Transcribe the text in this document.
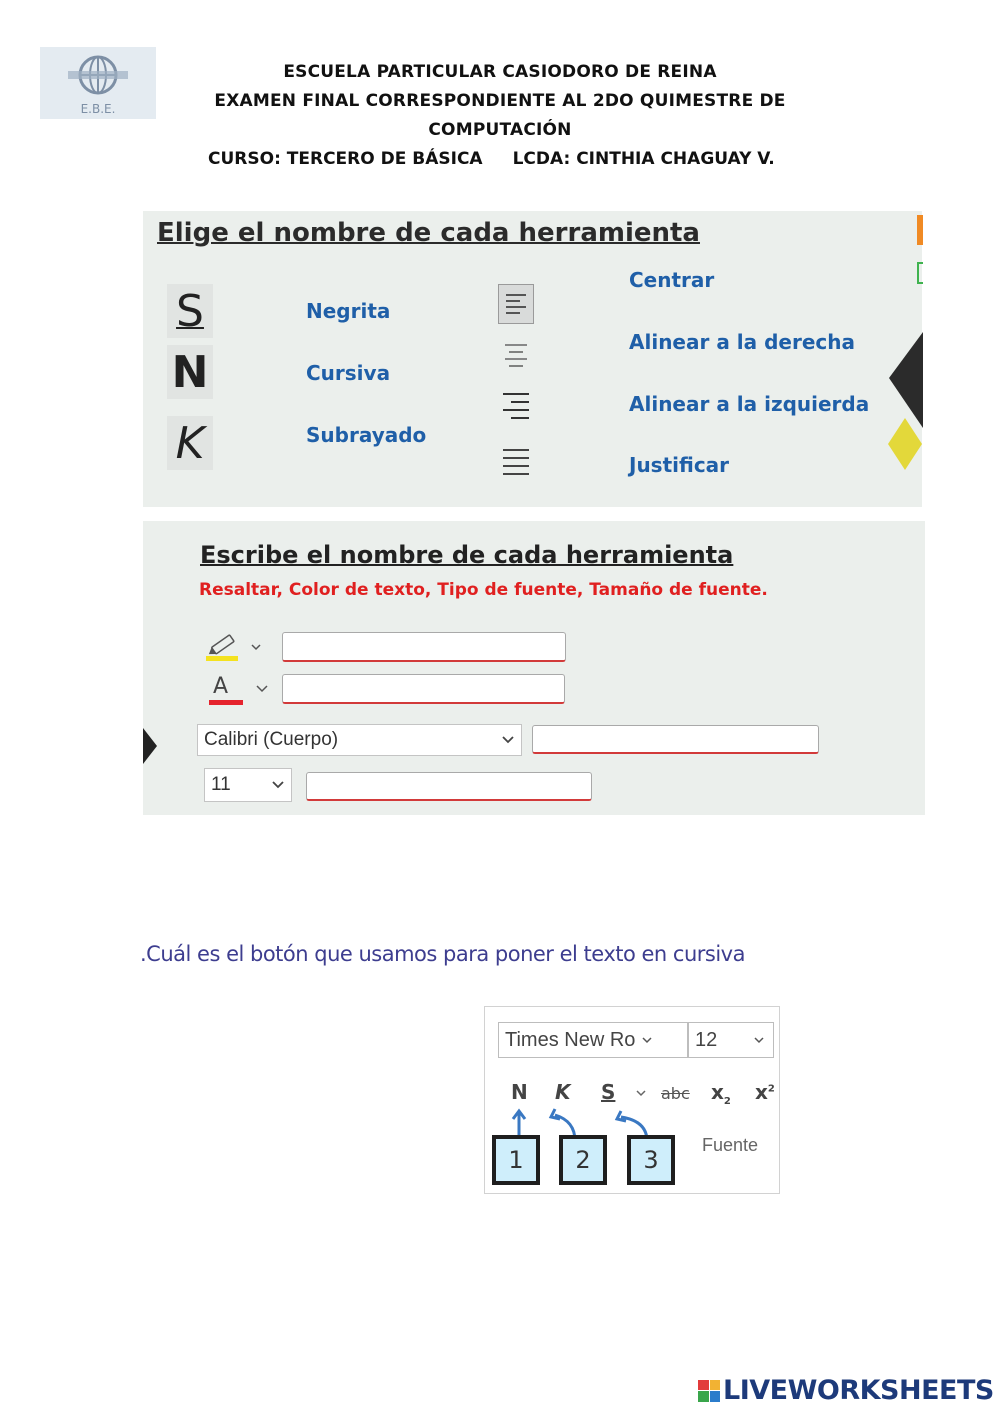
E.B.E.
ESCUELA PARTICULAR CASIODORO DE REINA
EXAMEN FINAL CORRESPONDIENTE AL 2DO QUIMESTRE DE
COMPUTACIÓN
CURSO: TERCERO DE BÁSICA LCDA: CINTHIA CHAGUAY V.
Elige el nombre de cada herramienta
S
N
K
Negrita
Cursiva
Subrayado
Centrar
Alinear a la derecha
Alinear a la izquierda
Justificar
Escribe el nombre de cada herramienta
Resaltar, Color de texto, Tipo de fuente, Tamaño de fuente.
A
Calibri (Cuerpo)
11
.Cuál es el botón que usamos para poner el texto en cursiva
Times New Ro	12
N K S	abc $x_2$ $x^2$
1	2	3
Fuente
LIVEWORKSHEETS
